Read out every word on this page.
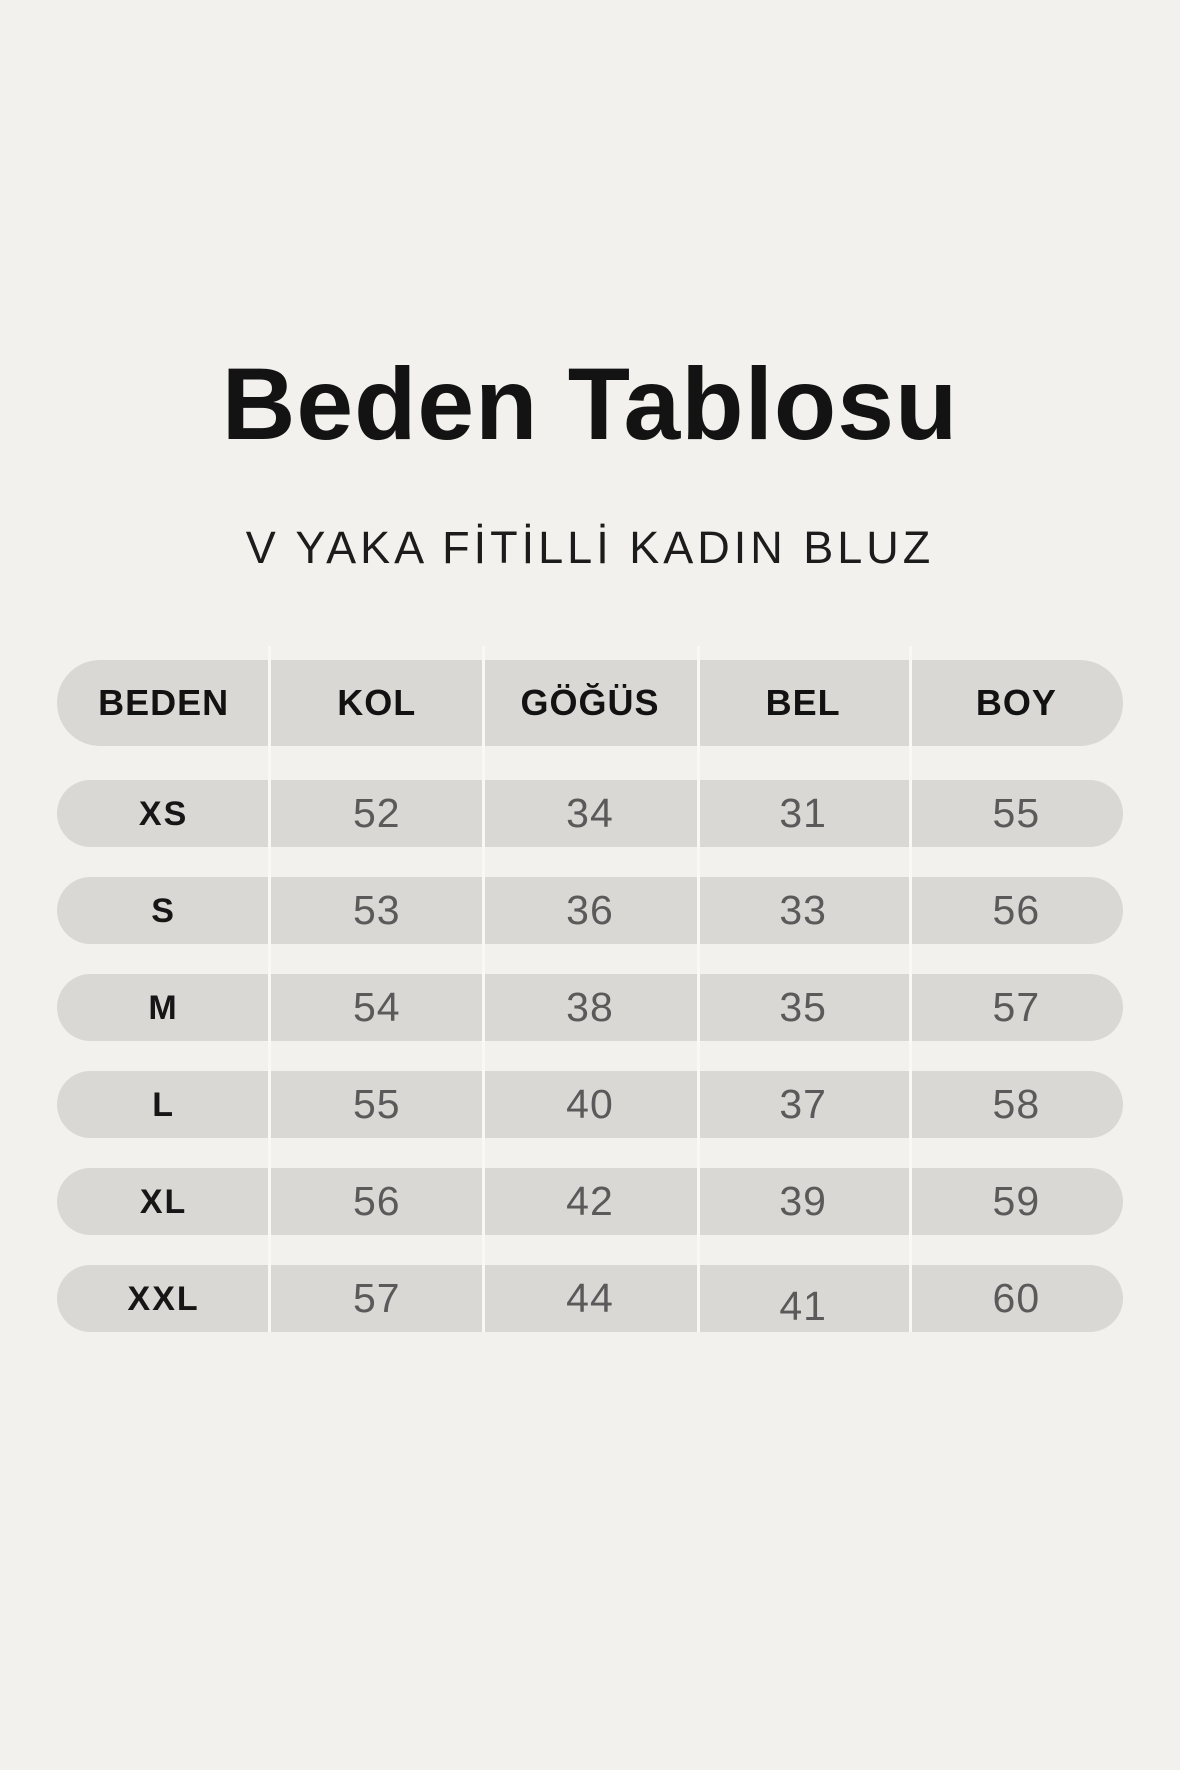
Beden Tablosu
V YAKA FİTİLLİ KADIN BLUZ
BEDEN	KOL	GÖĞÜS	BEL	BOY
XS	52	34	31	55
S	53	36	33	56
M	54	38	35	57
L	55	40	37	58
XL	56	42	39	59
XXL	57	44	41	60
